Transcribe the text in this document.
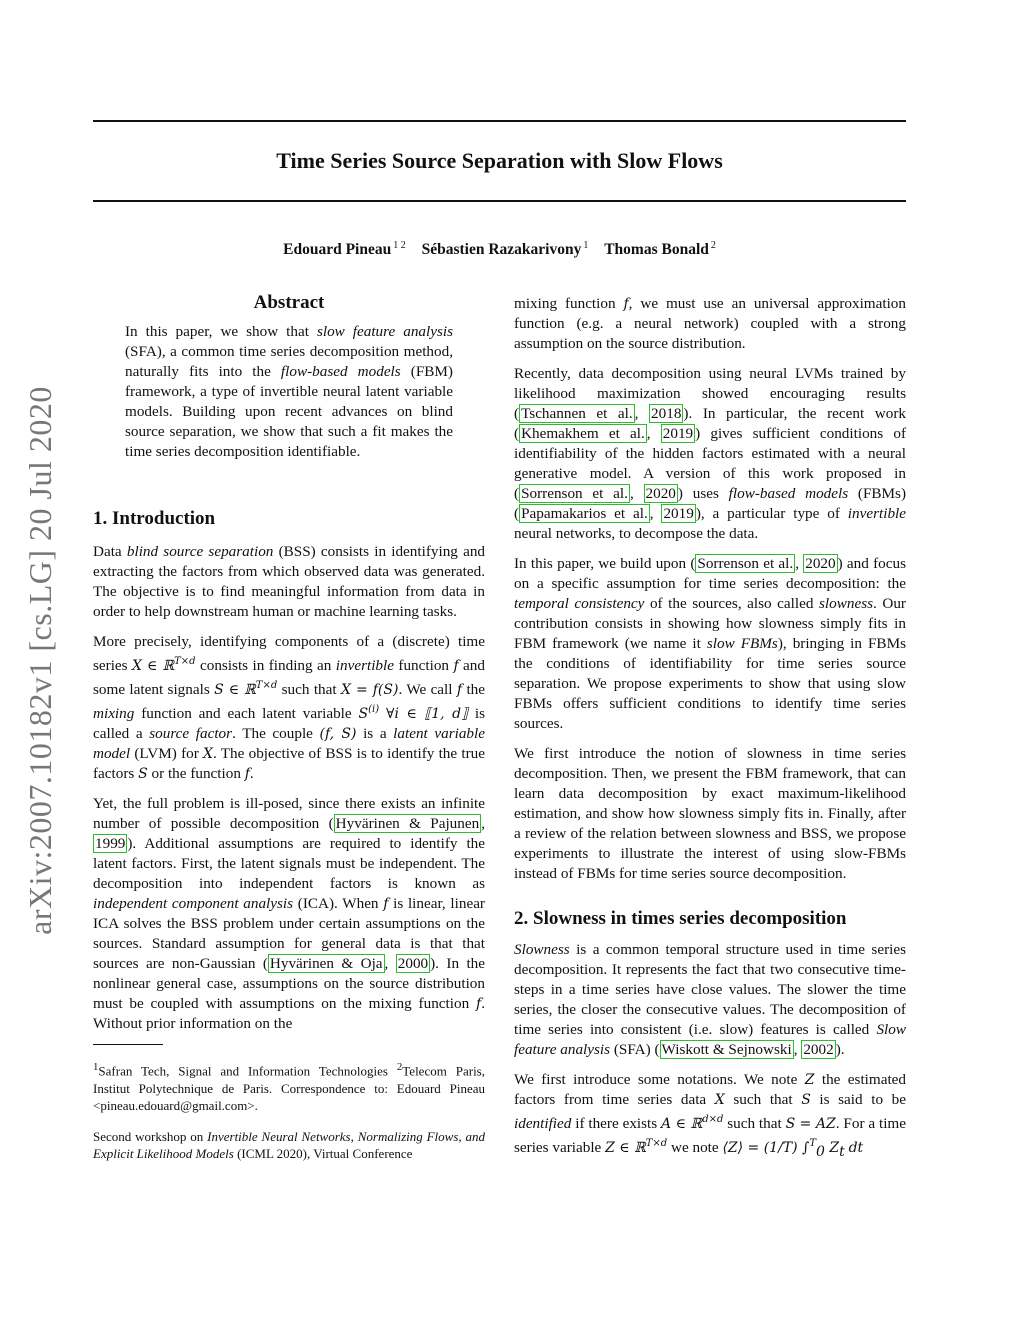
Time Series Source Separation with Slow Flows
Edouard Pineau $^{1 2}$ Sébastien Razakarivony $^1$ Thomas Bonald $^2$
arXiv:2007.10182v1 [cs.LG] 20 Jul 2020
Abstract

In this paper, we show that slow feature analysis (SFA), a common time series decomposition method, naturally fits into the flow-based models (FBM) framework, a type of invertible neural latent variable models. Building upon recent advances on blind source separation, we show that such a fit makes the time series decomposition identifiable.

1. Introduction

Data blind source separation (BSS) consists in identifying and extracting the factors from which observed data was generated. The objective is to find meaningful information from data in order to help downstream human or machine learning tasks.

More precisely, identifying components of a (discrete) time series X ∈ ℝ$^{T\times d}$ consists in finding an invertible function f and some latent signals S ∈ ℝ$^{T\times d}$ such that X = f(S). We call f the mixing function and each latent variable $S^{(i)}$ ∀i ∈ ⟦1, d⟧ is called a source factor. The couple (f, S) is a latent variable model (LVM) for X. The objective of BSS is to identify the true factors S or the function f.

Yet, the full problem is ill-posed, since there exists an infinite number of possible decomposition ( Hyvärinen & Pajunen , 1999 ). Additional assumptions are required to identify the latent factors. First, the latent signals must be independent. The decomposition into independent factors is known as independent component analysis (ICA). When f is linear, linear ICA solves the BSS problem under certain assumptions on the sources. Standard assumption for general data is that that sources are non-Gaussian ( Hyvärinen & Oja , 2000 ). In the nonlinear general case, assumptions on the source distribution must be coupled with assumptions on the mixing function f. Without prior information on the

$^1$Safran Tech, Signal and Information Technologies $^2$Telecom Paris, Institut Polytechnique de Paris. Correspondence to: Edouard Pineau <pineau.edouard@gmail.com>.

Second workshop on Invertible Neural Networks, Normalizing Flows, and Explicit Likelihood Models (ICML 2020), Virtual Conference

mixing function f, we must use an universal approximation function (e.g. a neural network) coupled with a strong assumption on the source distribution.

Recently, data decomposition using neural LVMs trained by likelihood maximization showed encouraging results ( Tschannen et al. , 2018 ). In particular, the recent work ( Khemakhem et al. , 2019 ) gives sufficient conditions of identifiability of the hidden factors estimated with a neural generative model. A version of this work proposed in ( Sorrenson et al. , 2020 ) uses flow-based models (FBMs) ( Papamakarios et al. , 2019 ), a particular type of invertible neural networks, to decompose the data.

In this paper, we build upon ( Sorrenson et al. , 2020 ) and focus on a specific assumption for time series decomposition: the temporal consistency of the sources, also called slowness. Our contribution consists in showing how slowness simply fits in FBM framework (we name it slow FBMs), bringing in FBMs the conditions of identifiability for time series source separation. We propose experiments to show that using slow FBMs offers sufficient conditions to identify time series sources.

We first introduce the notion of slowness in time series decomposition. Then, we present the FBM framework, that can learn data decomposition by exact maximum-likelihood estimation, and show how slowness simply fits in. Finally, after a review of the relation between slowness and BSS, we propose experiments to illustrate the interest of using slow-FBMs instead of FBMs for time series source decomposition.

2. Slowness in times series decomposition

Slowness is a common temporal structure used in time series decomposition. It represents the fact that two consecutive time-steps in a time series have close values. The slower the time series, the closer the consecutive values. The decomposition of time series into consistent (i.e. slow) features is called Slow feature analysis (SFA) ( Wiskott & Sejnowski , 2002 ).

We first introduce some notations. We note Z the estimated factors from time series data X such that S is said to be identified if there exists A ∈ ℝ$^{d\times d}$ such that S = AZ. For a time series variable Z ∈ ℝ$^{T\times d}$ we note ⟨Z⟩ = (1/T) ∫$^T_0$ $Z_t$ dt
